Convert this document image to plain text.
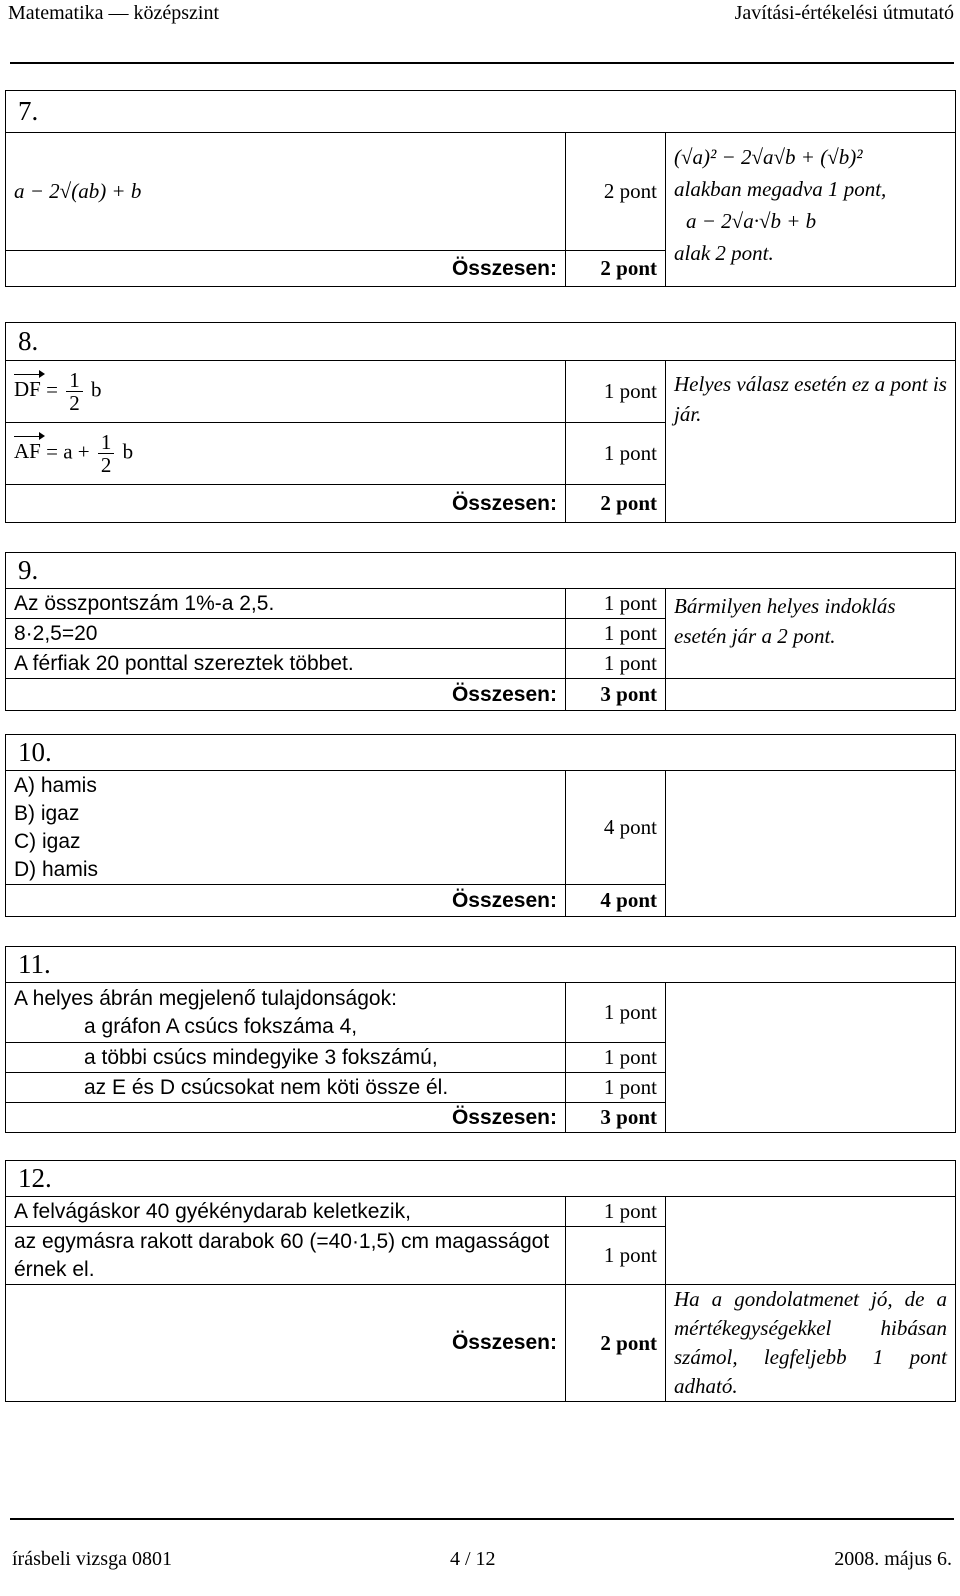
Matematika — középszint	Javítási-értékelési útmutató
7.		
a − 2√(ab) + b	2 pont	(√a)² − 2√a√b + (√b)²
alakban megadva 1 pont,
a − 2√a·√b + b
alak 2 pont.
Összesen:	2 pont	
8.		
DF = $\frac{1}{2}$ b	1 pont	Helyes válasz esetén ez a pont is jár.
AF = $a + \frac{1}{2}$ b	1 pont	
Összesen:	2 pont	
9.		
Az összpontszám 1%-a 2,5.	1 pont	Bármilyen helyes indoklás esetén jár a 2 pont.
8·2,5=20	1 pont	
A férfiak 20 ponttal szereztek többet.	1 pont	
Összesen:	3 pont	
10.		
A) hamis
B) igaz
C) igaz
D) hamis	4 pont	
Összesen:	4 pont	
11.		
A helyes ábrán megjelenő tulajdonságok:

a gráfon A csúcs fokszáma 4,	1 pont	

a többi csúcs mindegyike 3 fokszámú,	1 pont	

az E és D csúcsokat nem köti össze él.	1 pont	
Összesen:	3 pont	
12.		
A felvágáskor 40 gyékénydarab keletkezik,	1 pont	
az egymásra rakott darabok 60 (=40·1,5) cm magasságot érnek el.	1 pont	
Összesen:	2 pont	Ha a gondolatmenet jó, de a mértékegységekkel hibásan számol, legfeljebb 1 pont adható.
írásbeli vizsga 0801	4 / 12	2008. május 6.
